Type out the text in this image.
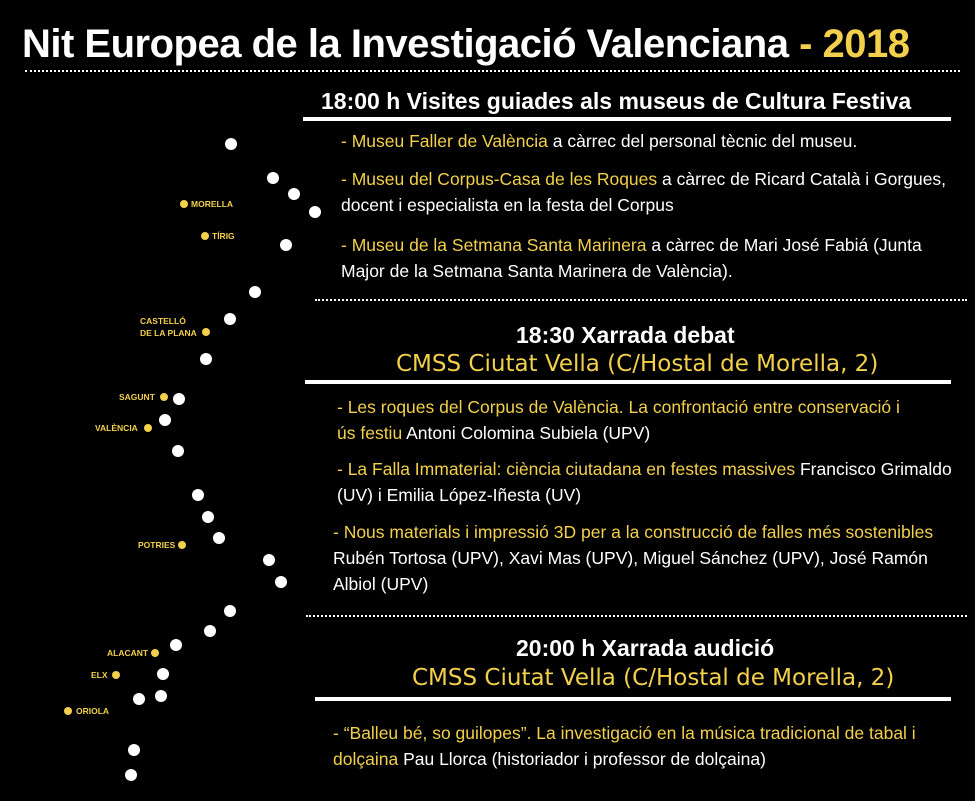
Nit Europea de la Investigació Valenciana - 2018
MORELLA
TÍRIG
CASTELLÓ
DE LA PLANA
SAGUNT
VALÈNCIA
POTRIES
ALACANT
ELX
ORIOLA
18:00 h Visites guiades als museus de Cultura Festiva
- Museu Faller de València a càrrec del personal tècnic del museu.
- Museu del Corpus-Casa de les Roques a càrrec de Ricard Català i Gorgues, docent i especialista en la festa del Corpus
- Museu de la Setmana Santa Marinera a càrrec de Mari José Fabiá (Junta Major de la Setmana Santa Marinera de València).
18:30 Xarrada debat
CMSS Ciutat Vella (C/Hostal de Morella, 2)
- Les roques del Corpus de València. La confrontació entre conservació i ús festiu Antoni Colomina Subiela (UPV)
- La Falla Immaterial: ciència ciutadana en festes massives Francisco Grimaldo (UV) i Emilia López-Iñesta (UV)
- Nous materials i impressió 3D per a la construcció de falles més sostenibles Rubén Tortosa (UPV), Xavi Mas (UPV), Miguel Sánchez (UPV), José Ramón Albiol (UPV)
20:00 h Xarrada audició
CMSS Ciutat Vella (C/Hostal de Morella, 2)
- “Balleu bé, so guilopes”. La investigació en la música tradicional de tabal i dolçaina Pau Llorca (historiador i professor de dolçaina)
